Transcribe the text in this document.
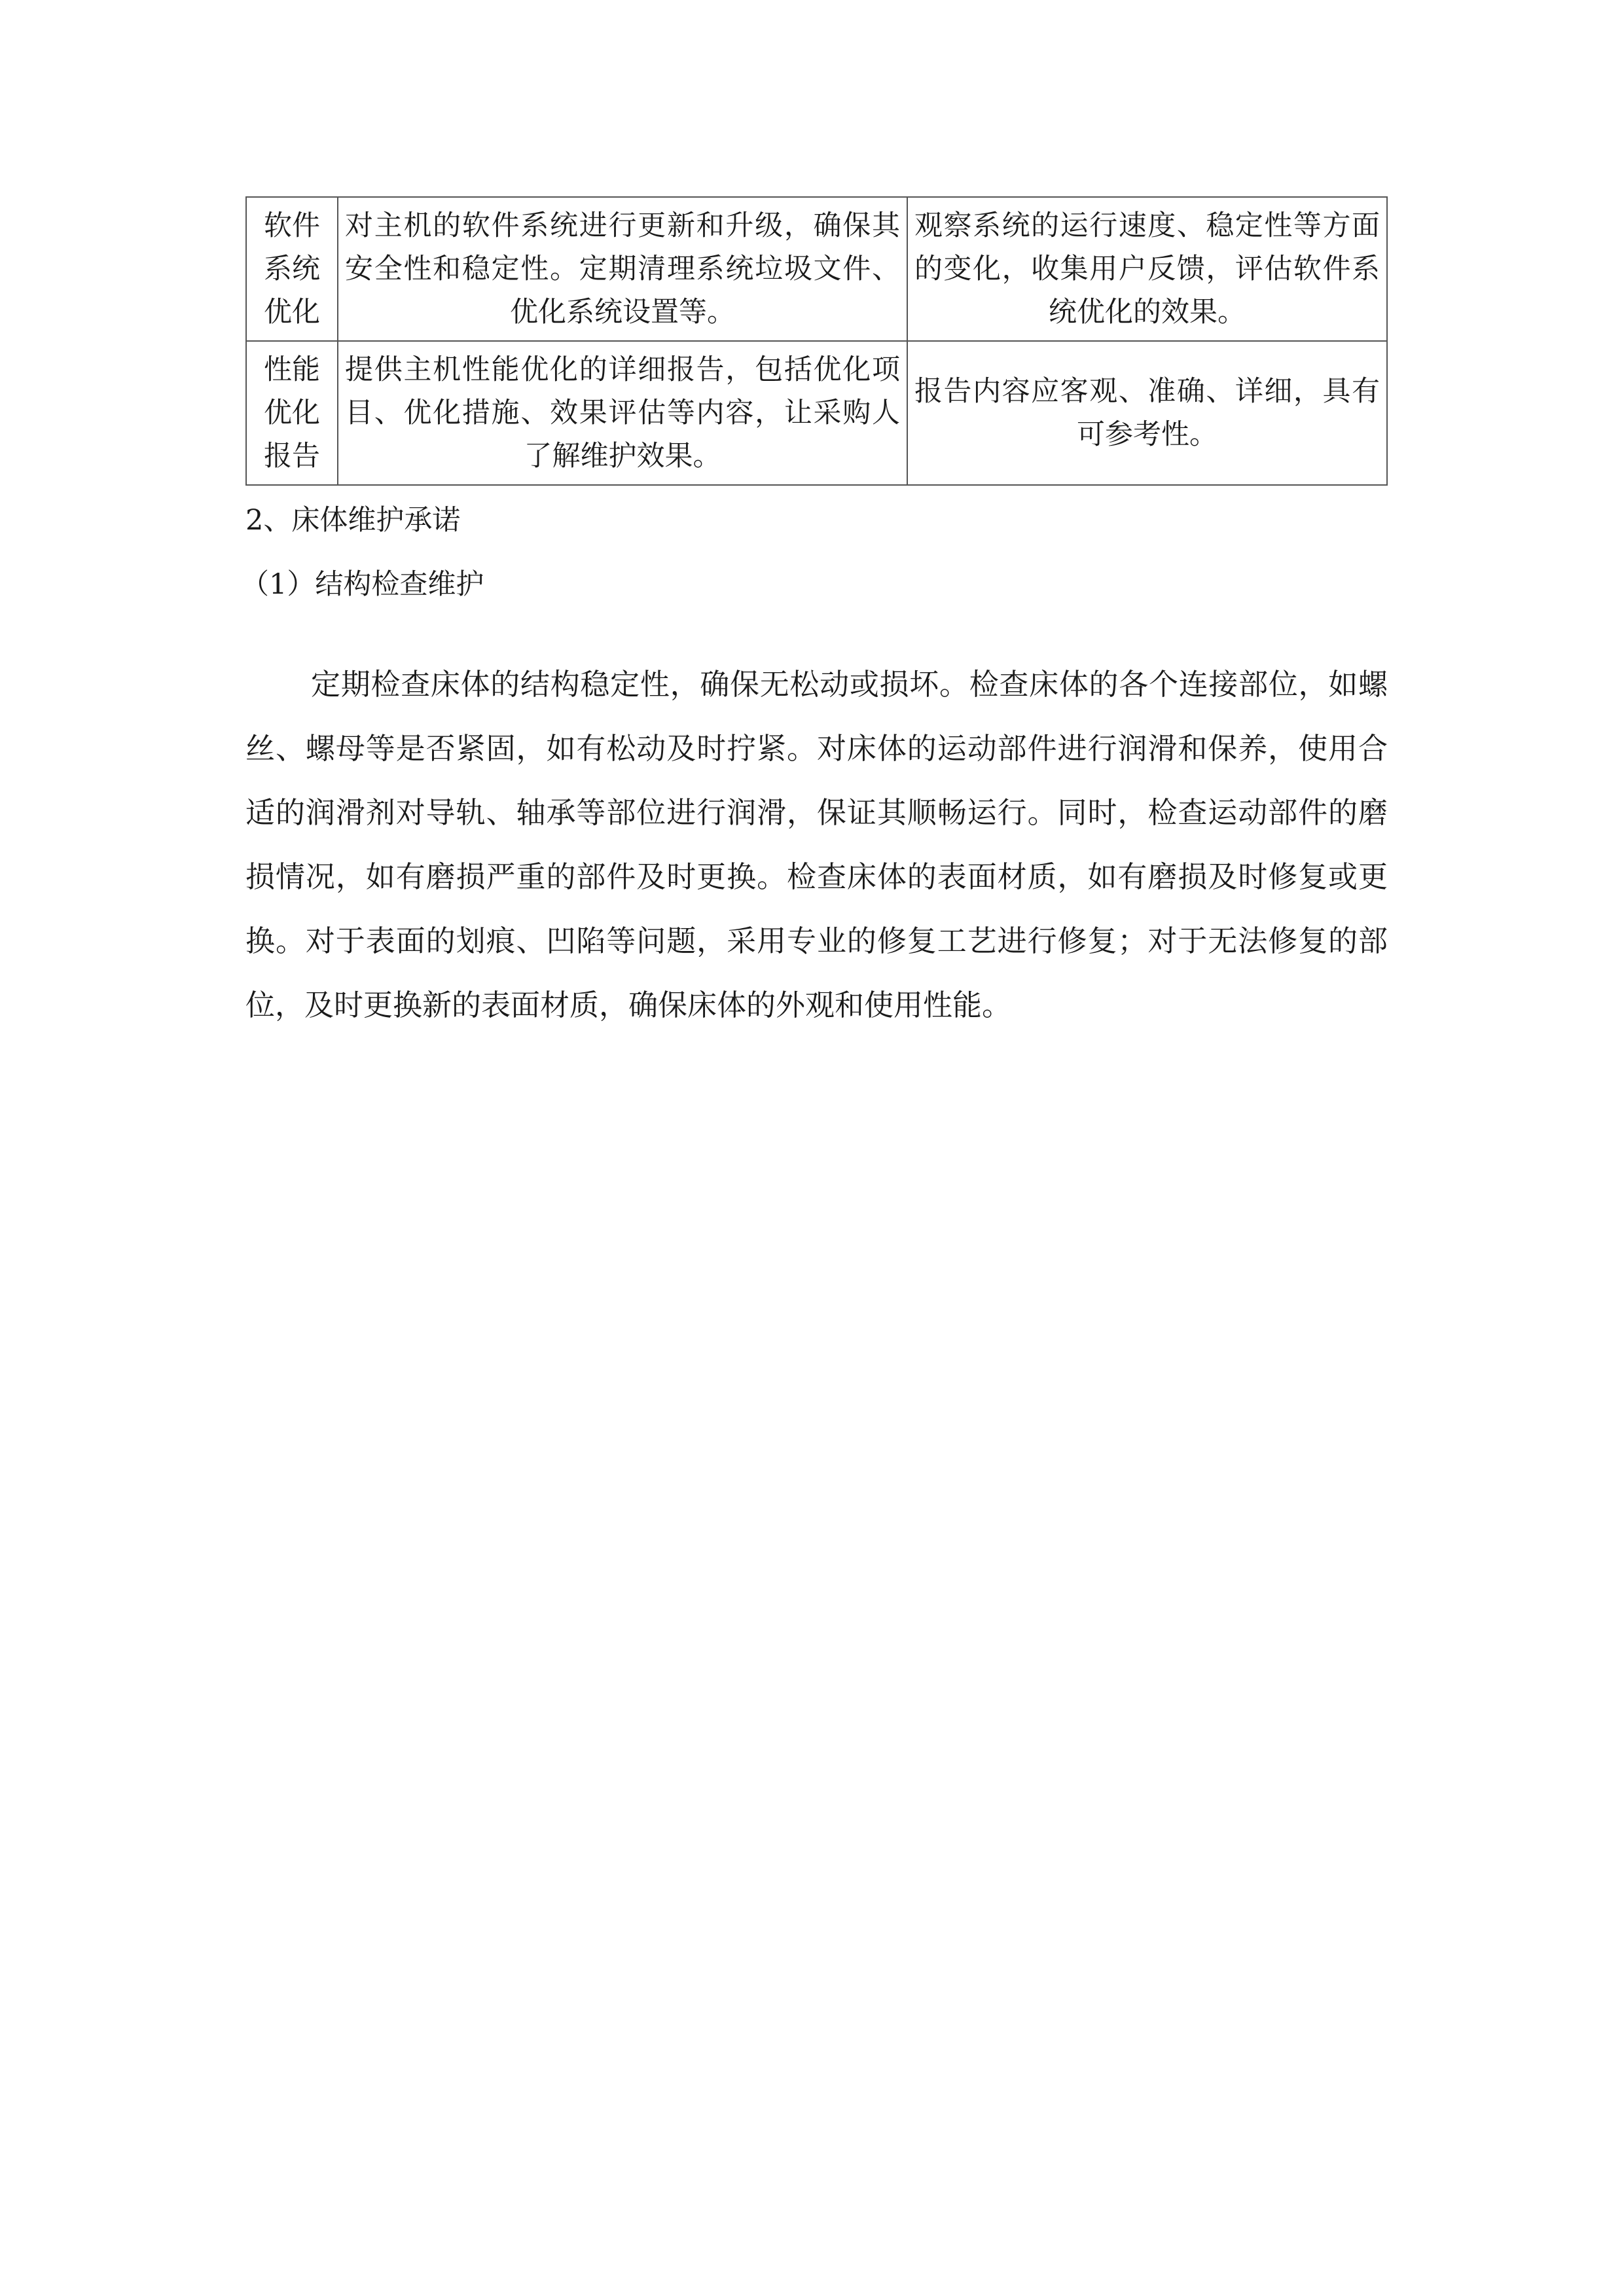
软件系统优化	对主机的软件系统进行更新和升级，确保其安全性和稳定性。定期清理系统垃圾文件、优化系统设置等。	观察系统的运行速度、稳定性等方面的变化，收集用户反馈，评估软件系统优化的效果。
性能优化报告	提供主机性能优化的详细报告，包括优化项目、优化措施、效果评估等内容，让采购人了解维护效果。	报告内容应客观、准确、详细，具有可参考性。
2、床体维护承诺
（1）结构检查维护

定期检查床体的结构稳定性，确保无松动或损坏。检查床体的各个连接部位，如螺丝、螺母等是否紧固，如有松动及时拧紧。对床体的运动部件进行润滑和保养，使用合适的润滑剂对导轨、轴承等部位进行润滑，保证其顺畅运行。同时，检查运动部件的磨损情况，如有磨损严重的部件及时更换。检查床体的表面材质，如有磨损及时修复或更换。对于表面的划痕、凹陷等问题，采用专业的修复工艺进行修复；对于无法修复的部位，及时更换新的表面材质，确保床体的外观和使用性能。
